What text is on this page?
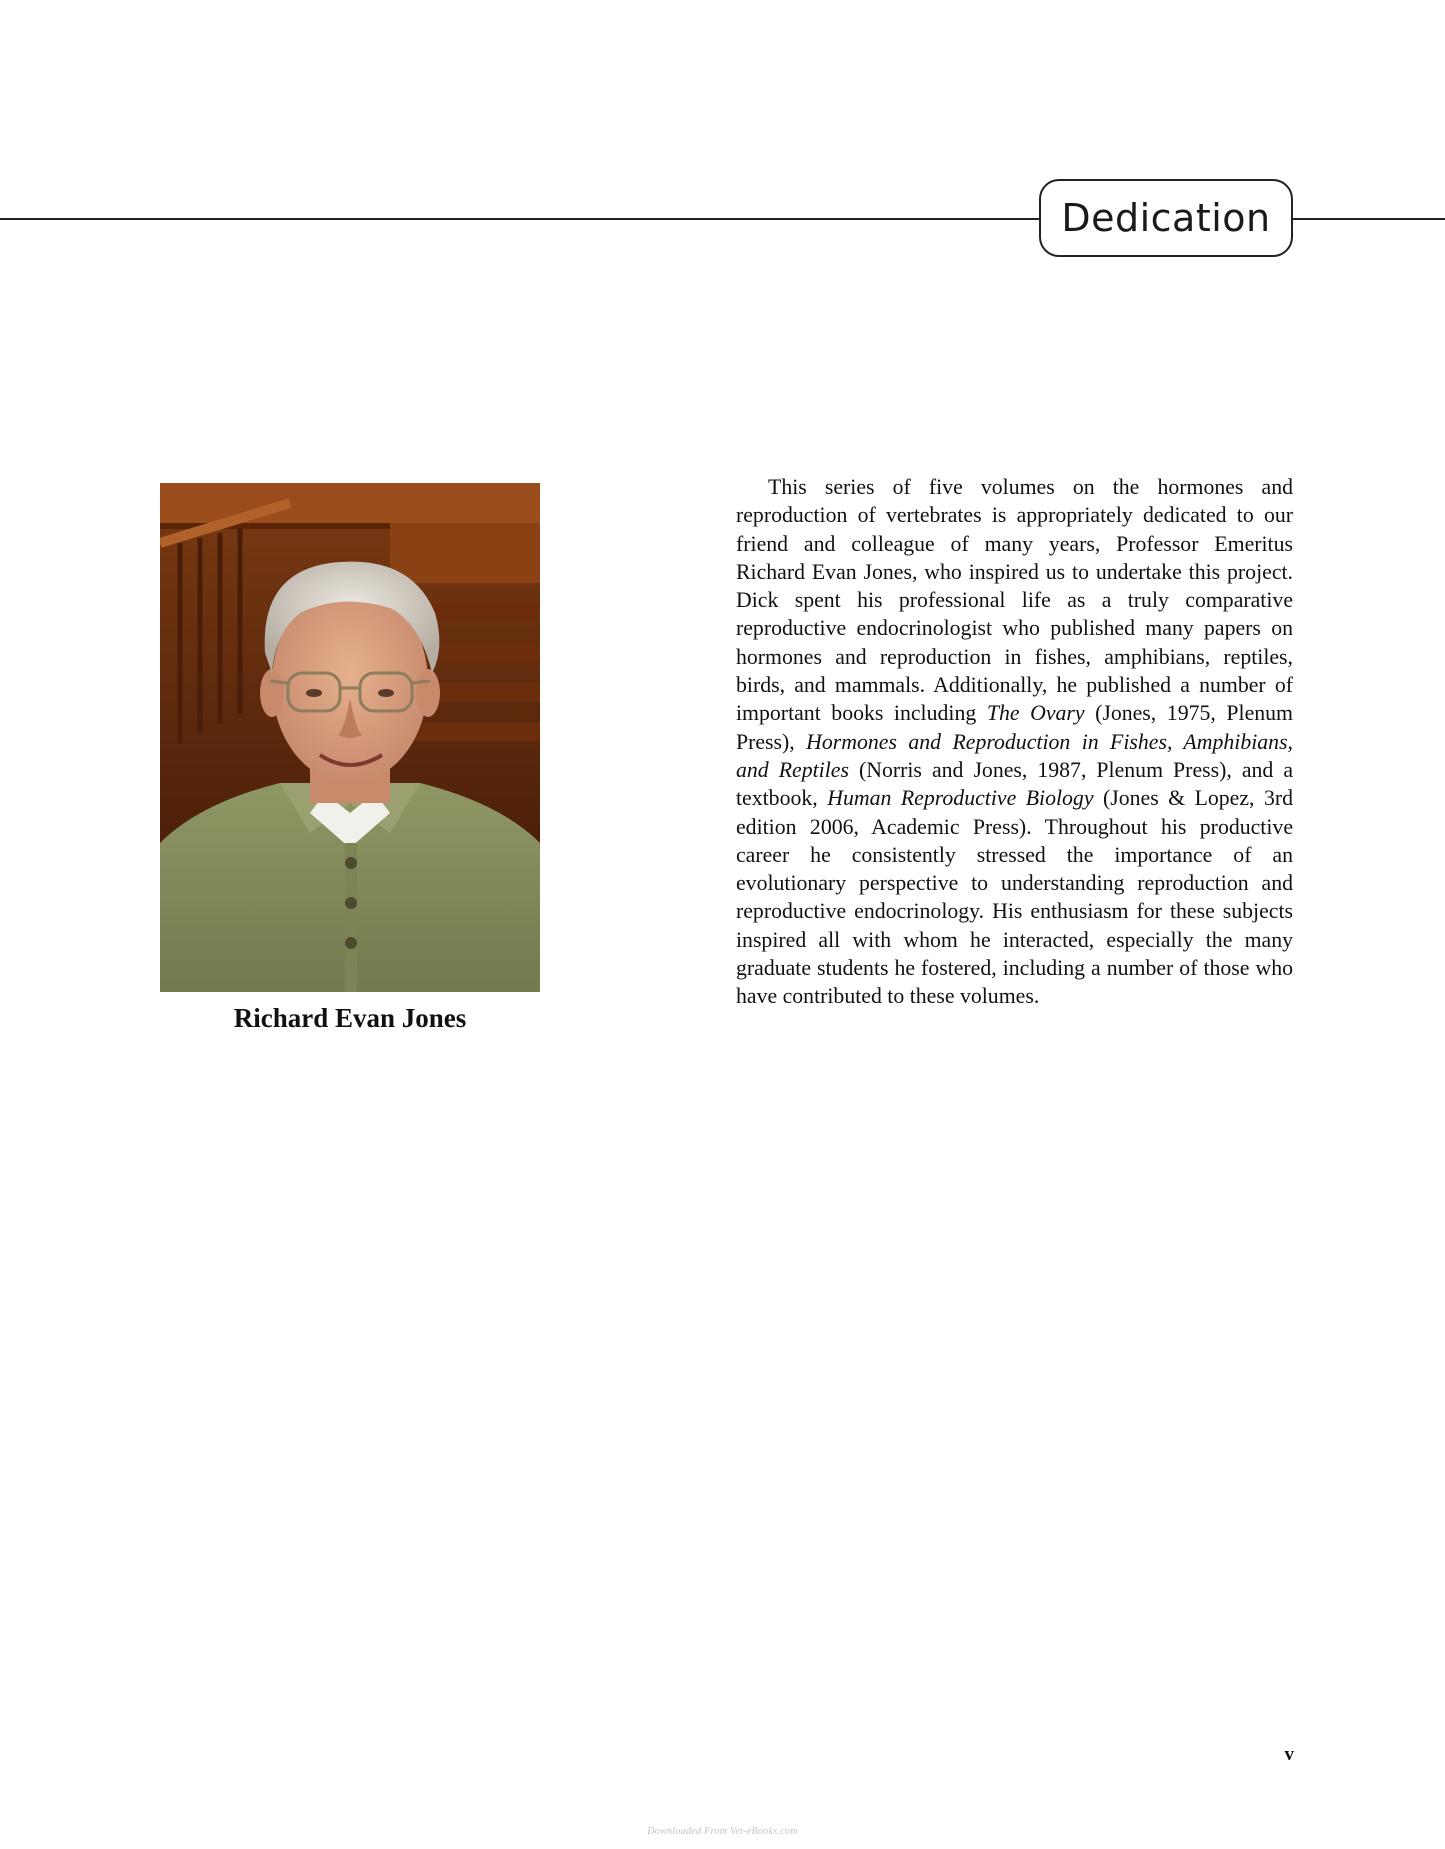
Dedication
Richard Evan Jones

This series of five volumes on the hormones and reproduction of vertebrates is appropriately dedicated to our friend and colleague of many years, Professor Emeritus Richard Evan Jones, who inspired us to undertake this project. Dick spent his professional life as a truly comparative reproductive endocrinologist who published many papers on hormones and reproduction in fishes, amphibians, reptiles, birds, and mammals. Additionally, he published a number of important books including The Ovary (Jones, 1975, Plenum Press), Hormones and Reproduction in Fishes, Amphibians, and Reptiles (Norris and Jones, 1987, Plenum Press), and a textbook, Human Reproductive Biology (Jones & Lopez, 3rd edition 2006, Academic Press). Throughout his productive career he consistently stressed the importance of an evolutionary perspective to understanding reproduction and reproductive endocrinology. His enthusiasm for these subjects inspired all with whom he interacted, especially the many graduate students he fostered, including a number of those who have contributed to these volumes.

v
Downloaded From Vet-eBooks.com
